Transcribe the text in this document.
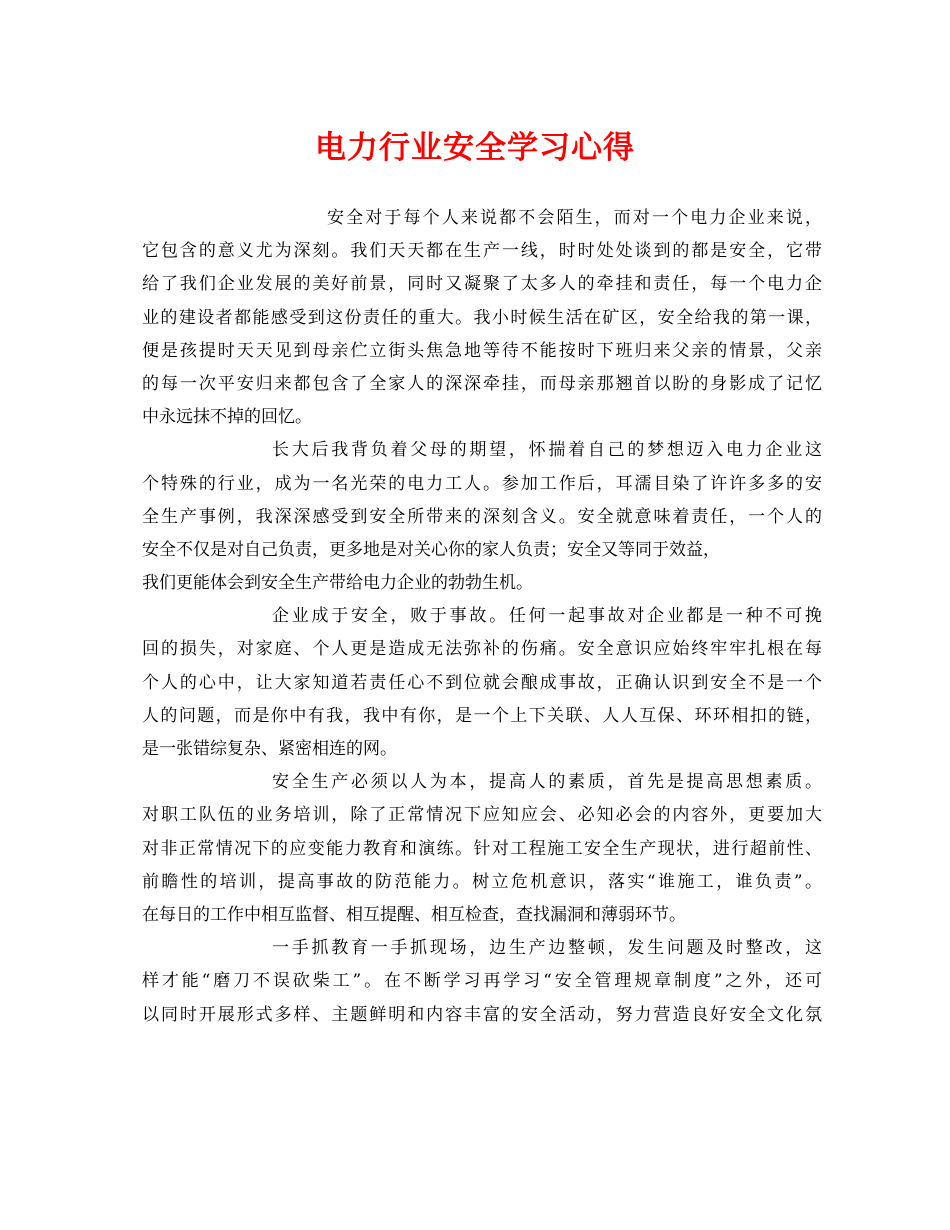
电力行业安全学习心得
安全对于每个人来说都不会陌生，而对一个电力企业来说，
它包含的意义尤为深刻。我们天天都在生产一线，时时处处谈到的都是安全，它带
给了我们企业发展的美好前景，同时又凝聚了太多人的牵挂和责任，每一个电力企
业的建设者都能感受到这份责任的重大。我小时候生活在矿区，安全给我的第一课，
便是孩提时天天见到母亲伫立街头焦急地等待不能按时下班归来父亲的情景，父亲
的每一次平安归来都包含了全家人的深深牵挂，而母亲那翘首以盼的身影成了记忆
中永远抹不掉的回忆。
长大后我背负着父母的期望，怀揣着自己的梦想迈入电力企业这
个特殊的行业，成为一名光荣的电力工人。参加工作后，耳濡目染了许许多多的安
全生产事例，我深深感受到安全所带来的深刻含义。安全就意味着责任，一个人的
安全不仅是对自己负责，更多地是对关心你的家人负责；安全又等同于效益，
我们更能体会到安全生产带给电力企业的勃勃生机。
企业成于安全，败于事故。任何一起事故对企业都是一种不可挽
回的损失，对家庭、个人更是造成无法弥补的伤痛。安全意识应始终牢牢扎根在每
个人的心中，让大家知道若责任心不到位就会酿成事故，正确认识到安全不是一个
人的问题，而是你中有我，我中有你，是一个上下关联、人人互保、环环相扣的链，
是一张错综复杂、紧密相连的网。
安全生产必须以人为本，提高人的素质，首先是提高思想素质。
对职工队伍的业务培训，除了正常情况下应知应会、必知必会的内容外，更要加大
对非正常情况下的应变能力教育和演练。针对工程施工安全生产现状，进行超前性、
前瞻性的培训，提高事故的防范能力。树立危机意识，落实“谁施工，谁负责”。
在每日的工作中相互监督、相互提醒、相互检查，查找漏洞和薄弱环节。
一手抓教育一手抓现场，边生产边整顿，发生问题及时整改，这
样才能“磨刀不误砍柴工”。在不断学习再学习“安全管理规章制度”之外，还可
以同时开展形式多样、主题鲜明和内容丰富的安全活动，努力营造良好安全文化氛
